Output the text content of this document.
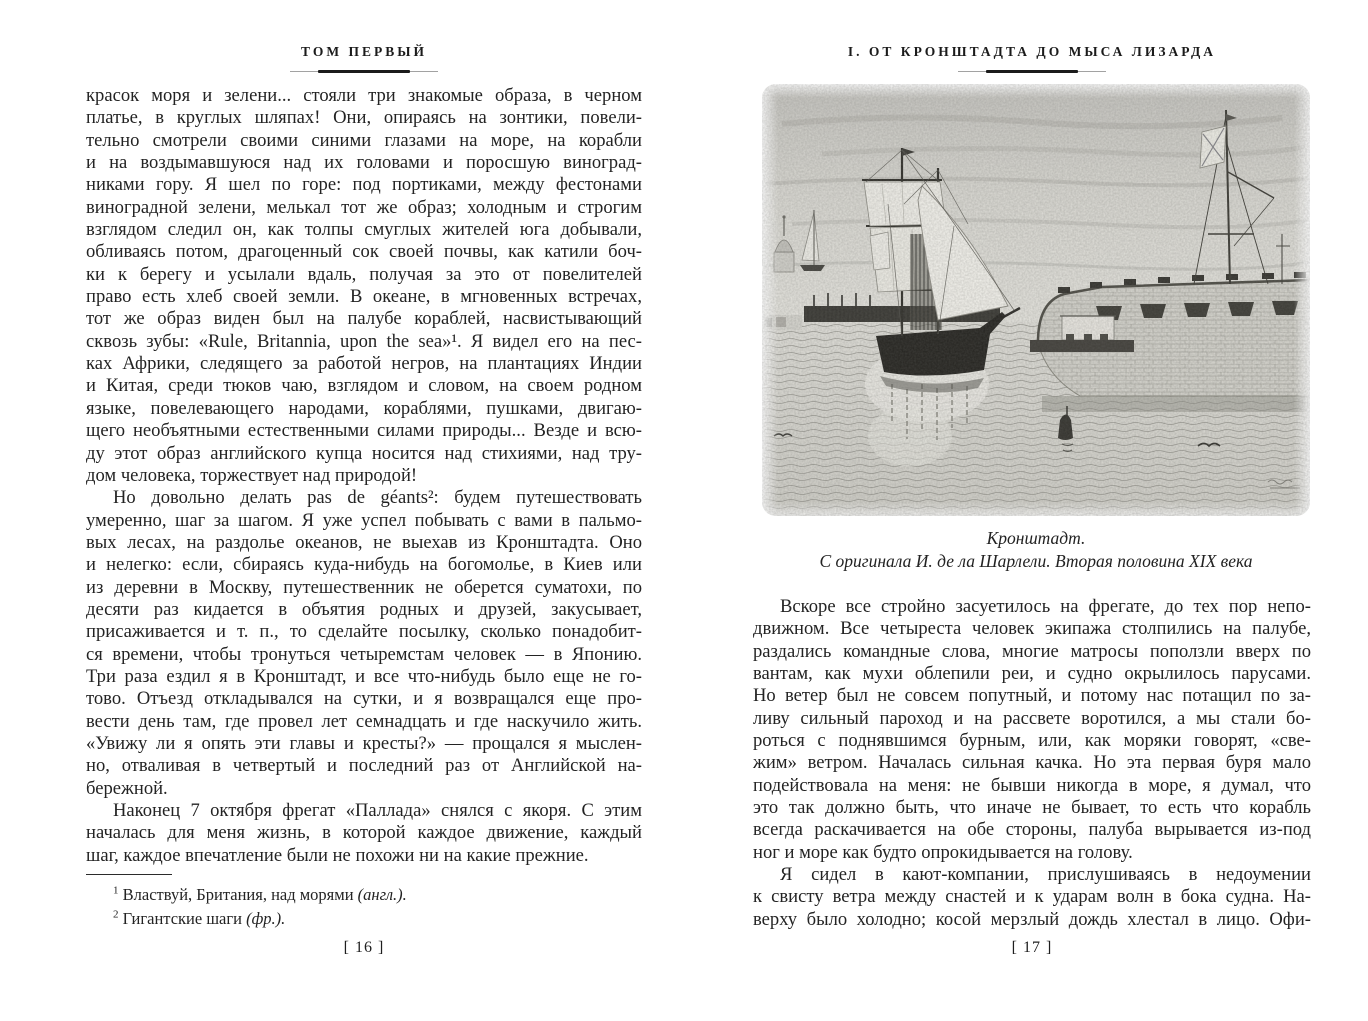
ТОМ ПЕРВЫЙ
красок моря и зелени... стояли три знакомые образа, в черном
платье, в круглых шляпах! Они, опираясь на зонтики, повели-
тельно смотрели своими синими глазами на море, на корабли
и на воздымавшуюся над их головами и поросшую виноград-
никами гору. Я шел по горе: под портиками, между фестонами
виноградной зелени, мелькал тот же образ; холодным и строгим
взглядом следил он, как толпы смуглых жителей юга добывали,
обливаясь потом, драгоценный сок своей почвы, как катили боч-
ки к берегу и усылали вдаль, получая за это от повелителей
право есть хлеб своей земли. В океане, в мгновенных встречах,
тот же образ виден был на палубе кораблей, насвистывающий
сквозь зубы: «Rule, Britannia, upon the sea»¹. Я видел его на пес-
ках Африки, следящего за работой негров, на плантациях Индии
и Китая, среди тюков чаю, взглядом и словом, на своем родном
языке, повелевающего народами, кораблями, пушками, двигаю-
щего необъятными естественными силами природы... Везде и всю-
ду этот образ английского купца носится над стихиями, над тру-
дом человека, торжествует над природой!
Но довольно делать pas de géants²: будем путешествовать
умеренно, шаг за шагом. Я уже успел побывать с вами в пальмо-
вых лесах, на раздолье океанов, не выехав из Кронштадта. Оно
и нелегко: если, сбираясь куда-нибудь на богомолье, в Киев или
из деревни в Москву, путешественник не оберется суматохи, по
десяти раз кидается в объятия родных и друзей, закусывает,
присаживается и т. п., то сделайте посылку, сколько понадобит-
ся времени, чтобы тронуться четыремстам человек — в Японию.
Три раза ездил я в Кронштадт, и все что-нибудь было еще не го-
тово. Отъезд откладывался на сутки, и я возвращался еще про-
вести день там, где провел лет семнадцать и где наскучило жить.
«Увижу ли я опять эти главы и кресты?» — прощался я мыслен-
но, отваливая в четвертый и последний раз от Английской на-
бережной.
Наконец 7 октября фрегат «Паллада» снялся с якоря. С этим
началась для меня жизнь, в которой каждое движение, каждый
шаг, каждое впечатление были не похожи ни на какие прежние.
$^1$ Властвуй, Британия, над морями (англ.).
$^2$ Гигантские шаги (фр.).
[ 16 ]
I. ОТ КРОНШТАДТА ДО МЫСА ЛИЗАРДА
Кронштадт.
С оригинала И. де ла Шарлели. Вторая половина XIX века
Вскоре все стройно засуетилось на фрегате, до тех пор непо-
движном. Все четыреста человек экипажа столпились на палубе,
раздались командные слова, многие матросы поползли вверх по
вантам, как мухи облепили реи, и судно окрылилось парусами.
Но ветер был не совсем попутный, и потому нас потащил по за-
ливу сильный пароход и на рассвете воротился, а мы стали бо-
роться с поднявшимся бурным, или, как моряки говорят, «све-
жим» ветром. Началась сильная качка. Но эта первая буря мало
подействовала на меня: не бывши никогда в море, я думал, что
это так должно быть, что иначе не бывает, то есть что корабль
всегда раскачивается на обе стороны, палуба вырывается из-под
ног и море как будто опрокидывается на голову.
Я сидел в кают-компании, прислушиваясь в недоумении
к свисту ветра между снастей и к ударам волн в бока судна. На-
верху было холодно; косой мерзлый дождь хлестал в лицо. Офи-
[ 17 ]
